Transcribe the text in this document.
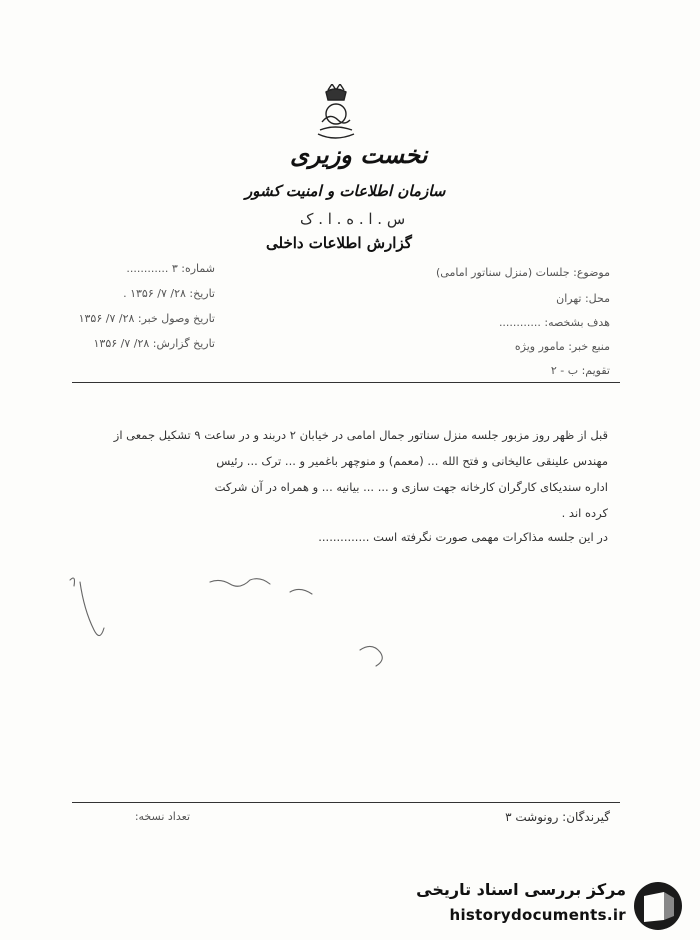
نخست وزیری
سازمان اطلاعات و امنیت کشور
س . ا . ه . ا . ک
گزارش اطلاعات داخلی
شماره: ۳ ............
تاریخ: ۲۸/ ۷/ ۱۳۵۶ .
تاریخ وصول خبر: ۲۸/ ۷/ ۱۳۵۶
تاریخ گزارش: ۲۸/ ۷/ ۱۳۵۶
موضوع: جلسات (منزل سناتور امامی)
محل: تهران
هدف بشخصه: ............
منبع خبر: مامور ویژه
تقویم: ب - ۲
قبل از ظهر روز مزبور جلسه منزل سناتور جمال امامی در خیابان ۲ دربند و در ساعت ۹ تشکیل جمعی از
مهندس علینقی عالیخانی و فتح الله ... (معمم) و منوچهر باغمیر و ... ترک ... رئیس
اداره سندیکای کارگران کارخانه جهت سازی و ... ... بیانیه ... و همراه در آن شرکت
کرده اند .
در این جلسه مذاکرات مهمی صورت نگرفته است ..............
گیرندگان: رونوشت ۳
تعداد نسخه:
مرکز بررسی اسناد تاریخی
historydocuments.ir
